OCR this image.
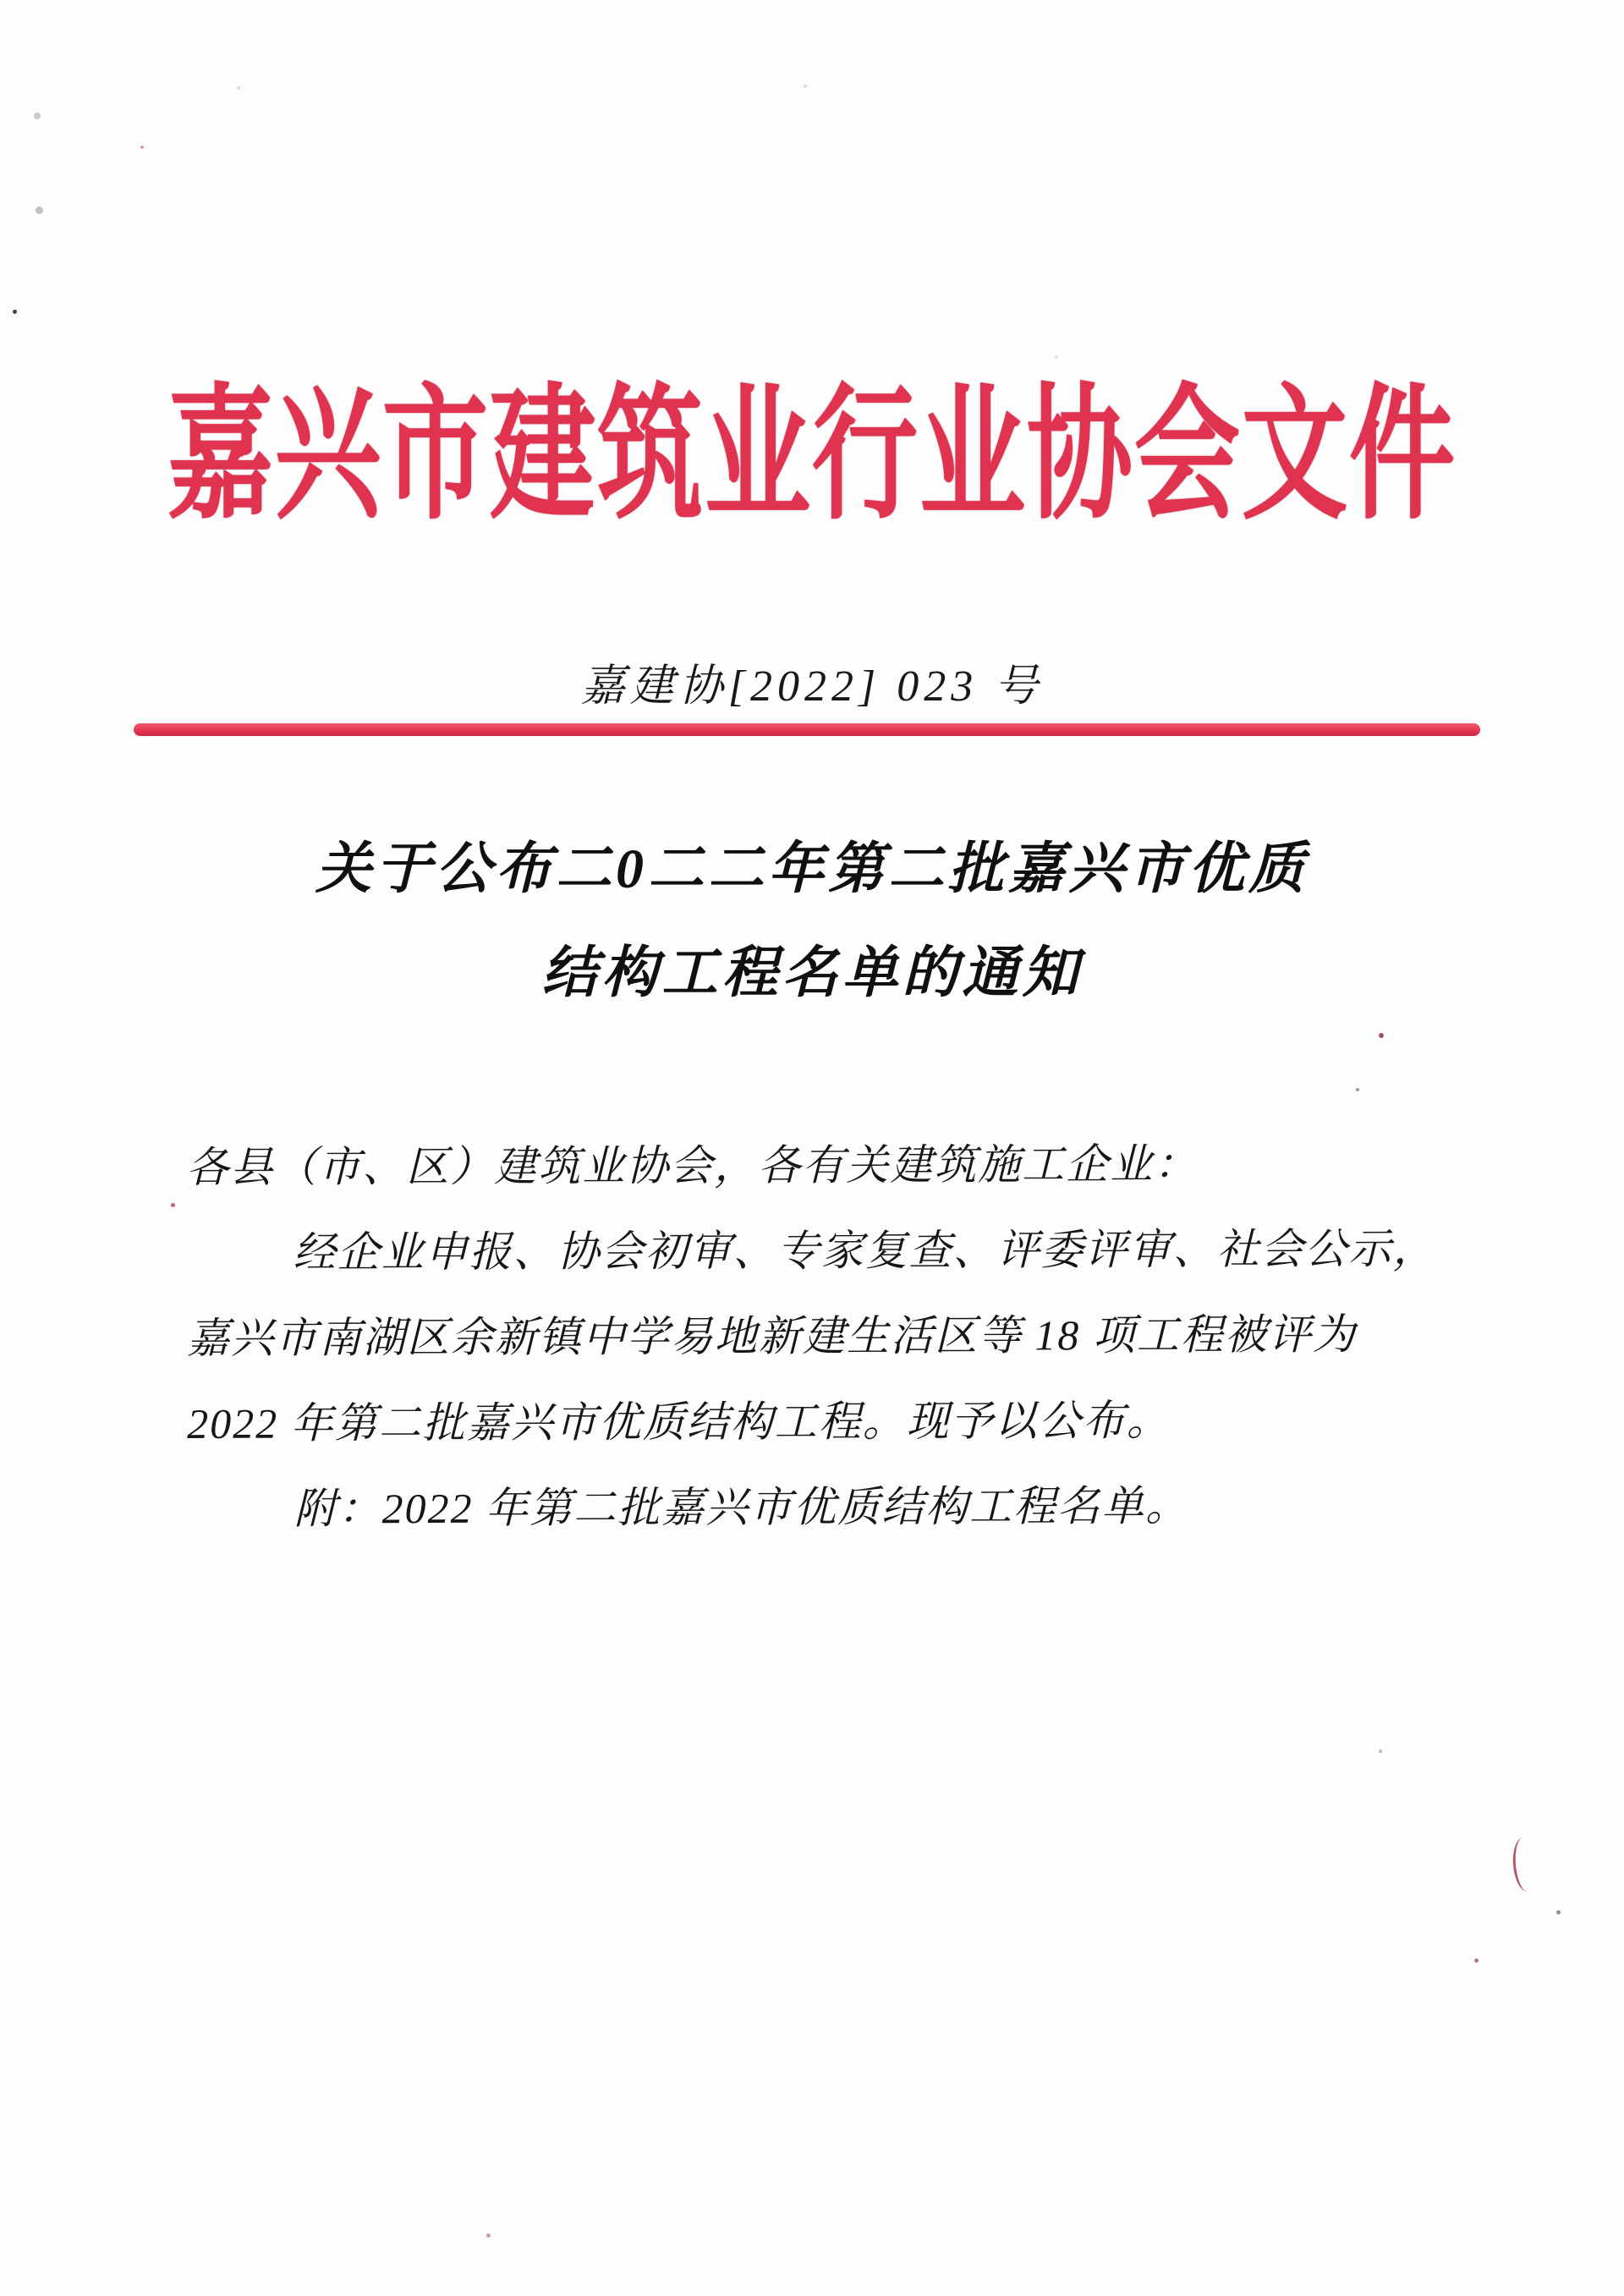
嘉兴市建筑业行业协会文件
嘉建协[2022] 023 号
关于公布二0二二年第二批嘉兴市优质
结构工程名单的通知
各县（市、区）建筑业协会，各有关建筑施工企业：
经企业申报、协会初审、专家复查、评委评审、社会公示，
嘉兴市南湖区余新镇中学易地新建生活区等 18 项工程被评为
2022 年第二批嘉兴市优质结构工程。现予以公布。
附：2022 年第二批嘉兴市优质结构工程名单。
